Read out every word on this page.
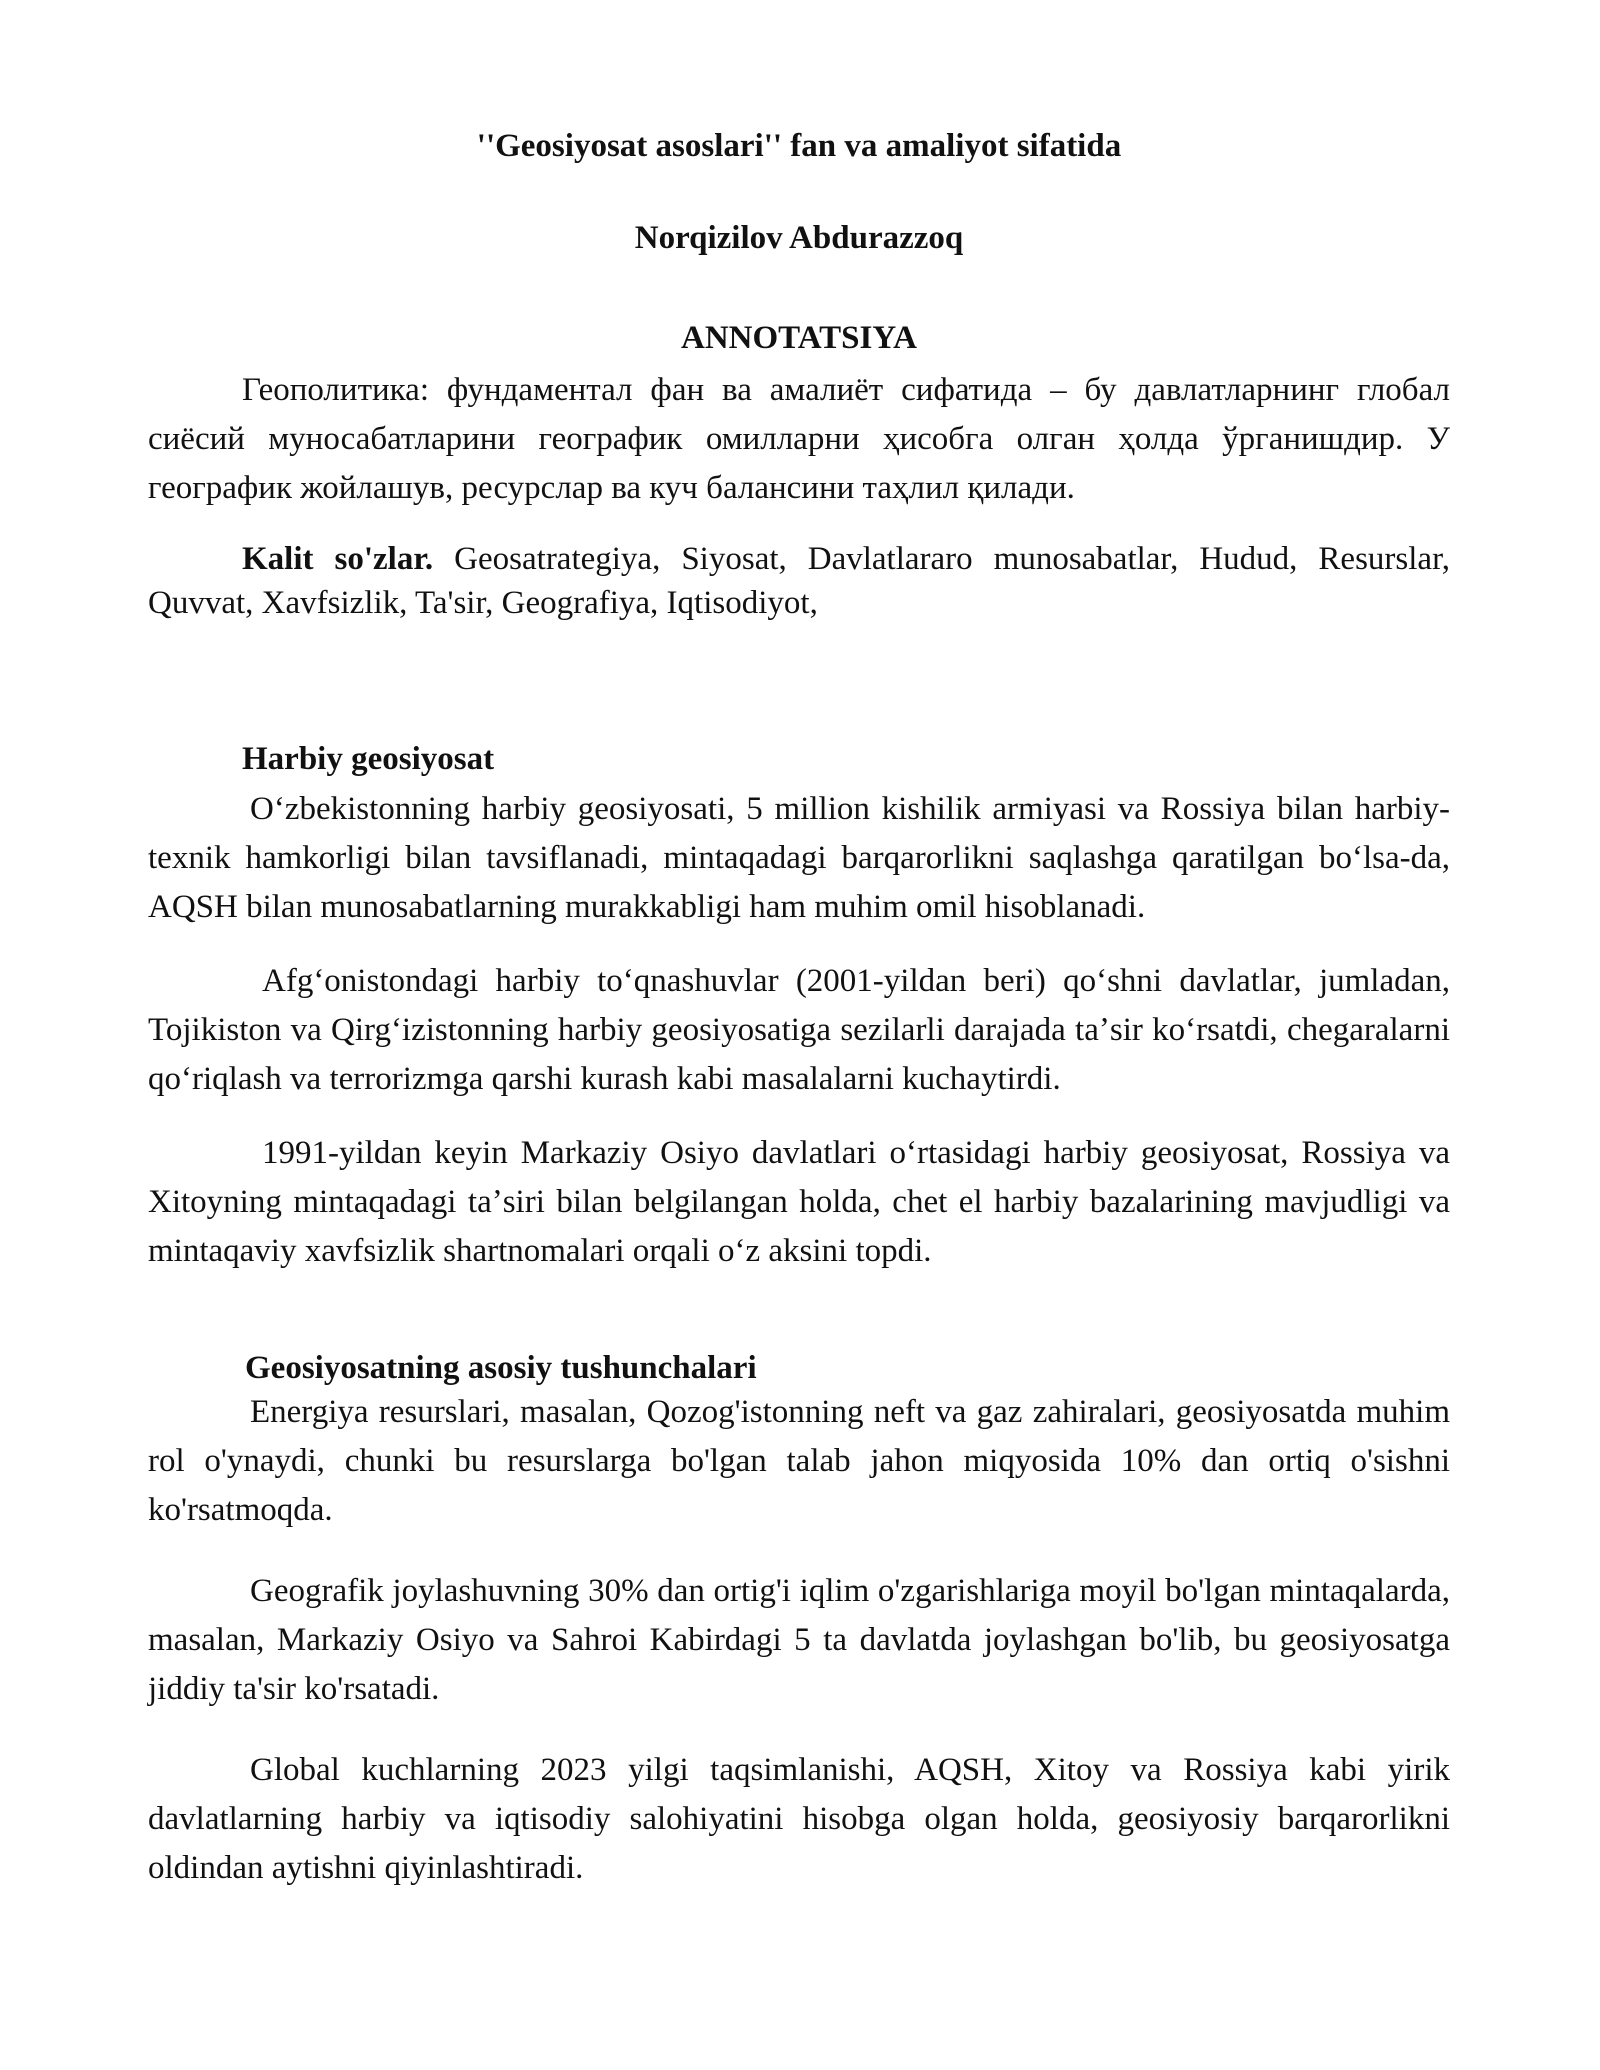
''Geosiyosat asoslari'' fan va amaliyot sifatida
Norqizilov Abdurazzoq
ANNOTATSIYA

Геополитика: фундаментал фан ва амалиёт сифатида – бу давлатларнинг глобал сиёсий муносабатларини географик омилларни ҳисобга олган ҳолда ўрганишдир. У географик жойлашув, ресурслар ва куч балансини таҳлил қилади.

Kalit so'zlar. Geosatrategiya, Siyosat, Davlatlararo munosabatlar, Hudud, Resurslar, Quvvat, Xavfsizlik, Ta'sir, Geografiya, Iqtisodiyot,

Harbiy geosiyosat

Oʻzbekistonning harbiy geosiyosati, 5 million kishilik armiyasi va Rossiya bilan harbiy-texnik hamkorligi bilan tavsiflanadi, mintaqadagi barqarorlikni saqlashga qaratilgan boʻlsa-da, AQSH bilan munosabatlarning murakkabligi ham muhim omil hisoblanadi.

Afgʻonistondagi harbiy toʻqnashuvlar (2001-yildan beri) qoʻshni davlatlar, jumladan, Tojikiston va Qirgʻizistonning harbiy geosiyosatiga sezilarli darajada taʼsir koʻrsatdi, chegaralarni qoʻriqlash va terrorizmga qarshi kurash kabi masalalarni kuchaytirdi.

1991-yildan keyin Markaziy Osiyo davlatlari oʻrtasidagi harbiy geosiyosat, Rossiya va Xitoyning mintaqadagi taʼsiri bilan belgilangan holda, chet el harbiy bazalarining mavjudligi va mintaqaviy xavfsizlik shartnomalari orqali oʻz aksini topdi.

Geosiyosatning asosiy tushunchalari

Energiya resurslari, masalan, Qozog'istonning neft va gaz zahiralari, geosiyosatda muhim rol o'ynaydi, chunki bu resurslarga bo'lgan talab jahon miqyosida 10% dan ortiq o'sishni ko'rsatmoqda.

Geografik joylashuvning 30% dan ortig'i iqlim o'zgarishlariga moyil bo'lgan mintaqalarda, masalan, Markaziy Osiyo va Sahroi Kabirdagi 5 ta davlatda joylashgan bo'lib, bu geosiyosatga jiddiy ta'sir ko'rsatadi.

Global kuchlarning 2023 yilgi taqsimlanishi, AQSH, Xitoy va Rossiya kabi yirik davlatlarning harbiy va iqtisodiy salohiyatini hisobga olgan holda, geosiyosiy barqarorlikni oldindan aytishni qiyinlashtiradi.
